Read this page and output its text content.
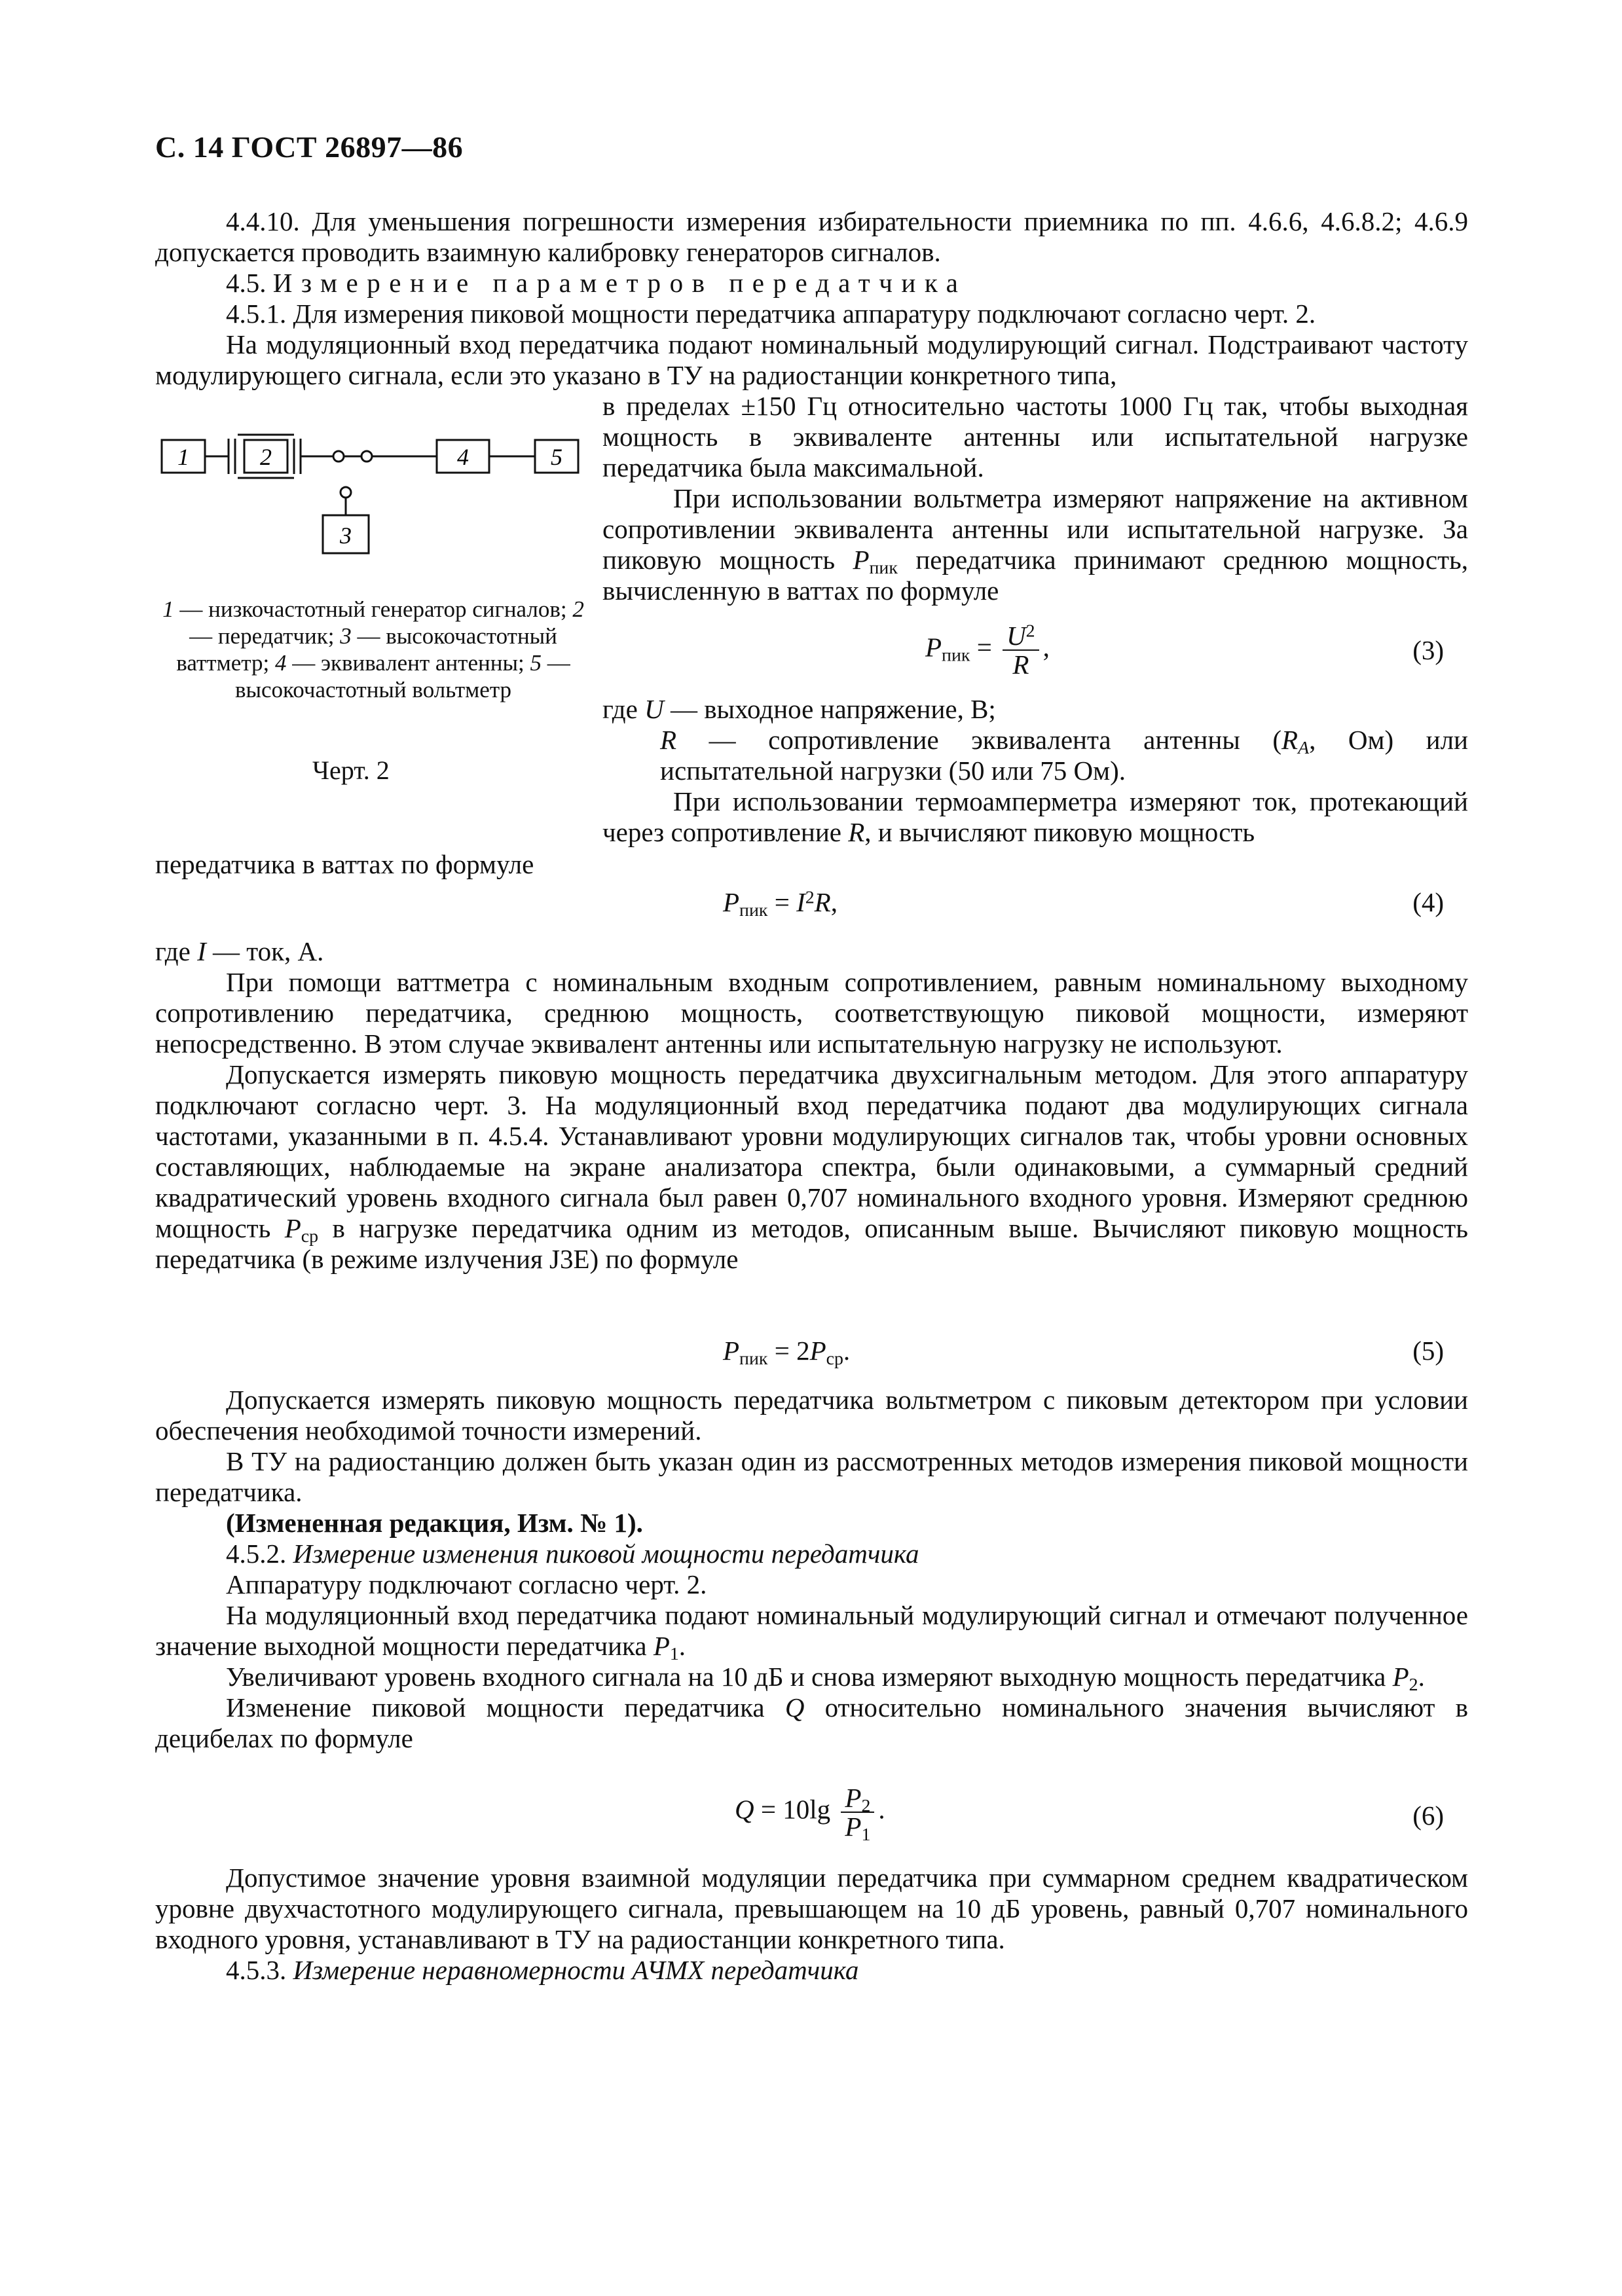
С. 14 ГОСТ 26897—86

4.4.10. Для уменьшения погрешности измерения избирательности приемника по пп. 4.6.6, 4.6.8.2; 4.6.9 допускается проводить взаимную калибровку генераторов сигналов.

4.5. Измерение параметров передатчика

4.5.1. Для измерения пиковой мощности передатчика аппаратуру подключают согласно черт. 2.

На модуляционный вход передатчика подают номинальный модулирующий сигнал. Подстраивают частоту модулирующего сигнала, если это указано в ТУ на радиостанции конкретного типа,

1	2
3
4	5
1 — низкочастотный генератор сигналов; 2 — передатчик; 3 — высокочастотный ваттметр; 4 — эквивалент антенны; 5 — высокочастотный вольтметр
Черт. 2

в пределах ±150 Гц относительно частоты 1000 Гц так, чтобы выходная мощность в эквиваленте антенны или испытательной нагрузке передатчика была максимальной.

При использовании вольтметра измеряют напряжение на активном сопротивлении эквивалента антенны или испытательной нагрузке. За пиковую мощность $P_{пик}$ передатчика принимают среднюю мощность, вычисленную в ваттах по формуле

$P_{пик} = \frac{U^2}{R}$ ,	(3)

где U — выходное напряжение, В;

R — сопротивление эквивалента антенны ($R_A$, Ом) или испытательной нагрузки (50 или 75 Ом).

При использовании термоамперметра измеряют ток, протекающий через сопротивление R, и вычисляют пиковую мощность

передатчика в ваттах по формуле

$P_{пик} = I^2R$,	(4)

где I — ток, А.

При помощи ваттметра с номинальным входным сопротивлением, равным номинальному выходному сопротивлению передатчика, среднюю мощность, соответствующую пиковой мощности, измеряют непосредственно. В этом случае эквивалент антенны или испытательную нагрузку не используют.

Допускается измерять пиковую мощность передатчика двухсигнальным методом. Для этого аппаратуру подключают согласно черт. 3. На модуляционный вход передатчика подают два модулирующих сигнала частотами, указанными в п. 4.5.4. Устанавливают уровни модулирующих сигналов так, чтобы уровни основных составляющих, наблюдаемые на экране анализатора спектра, были одинаковыми, а суммарный средний квадратический уровень входного сигнала был равен 0,707 номинального входного уровня. Измеряют среднюю мощность $P_{ср}$ в нагрузке передатчика одним из методов, описанным выше. Вычисляют пиковую мощность передатчика (в режиме излучения J3E) по формуле

$P_{пик} = 2P_{ср}$.	(5)

Допускается измерять пиковую мощность передатчика вольтметром с пиковым детектором при условии обеспечения необходимой точности измерений.

В ТУ на радиостанцию должен быть указан один из рассмотренных методов измерения пиковой мощности передатчика.

(Измененная редакция, Изм. № 1).

4.5.2. Измерение изменения пиковой мощности передатчика

Аппаратуру подключают согласно черт. 2.

На модуляционный вход передатчика подают номинальный модулирующий сигнал и отмечают полученное значение выходной мощности передатчика $P_1$.

Увеличивают уровень входного сигнала на 10 дБ и снова измеряют выходную мощность передатчика $P_2$.

Изменение пиковой мощности передатчика Q относительно номинального значения вычисляют в децибелах по формуле

$Q = 10\lg \frac{P_2}{P_1}$ .	(6)

Допустимое значение уровня взаимной модуляции передатчика при суммарном среднем квадратическом уровне двухчастотного модулирующего сигнала, превышающем на 10 дБ уровень, равный 0,707 номинального входного уровня, устанавливают в ТУ на радиостанции конкретного типа.

4.5.3. Измерение неравномерности АЧМХ передатчика
